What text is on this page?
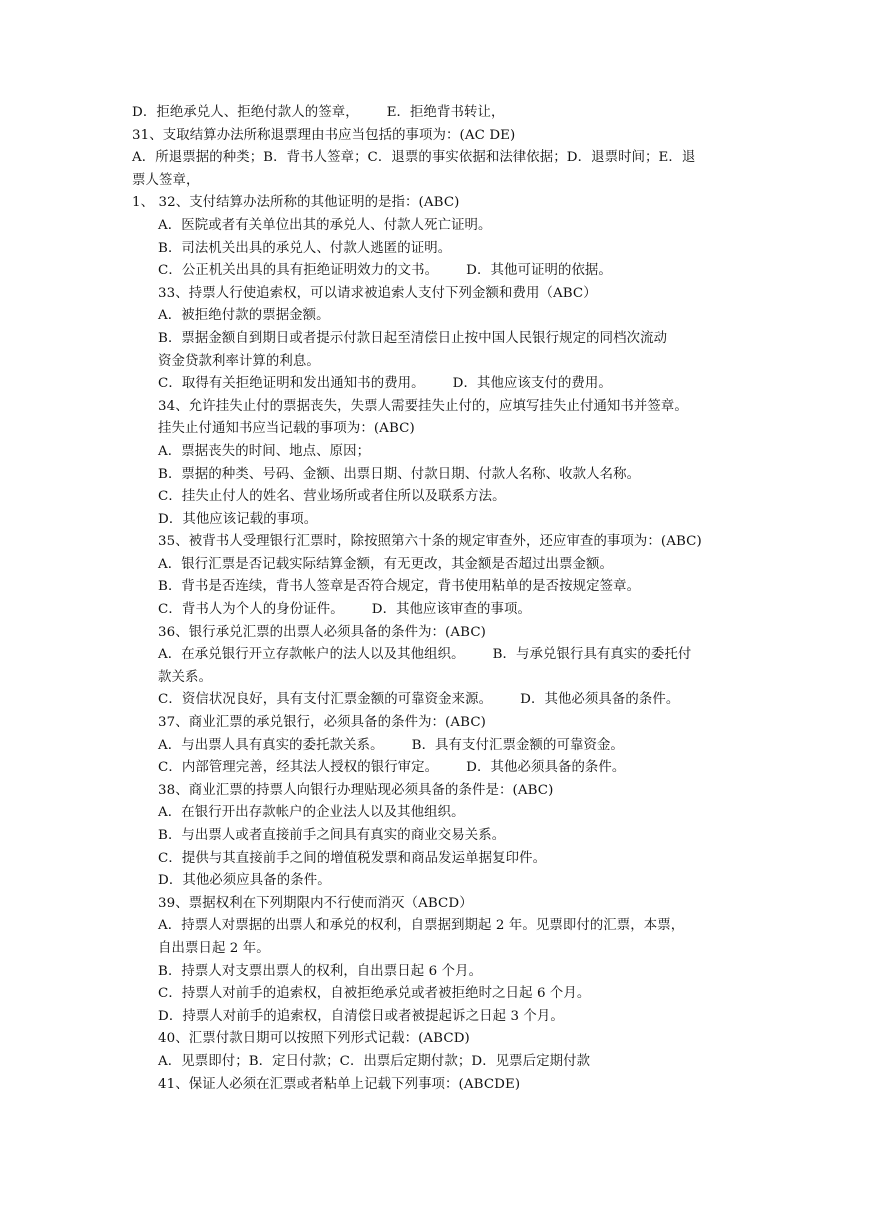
D．拒绝承兑人、拒绝付款人的签章， E．拒绝背书转让，
31、支取结算办法所称退票理由书应当包括的事项为：(AC DE)
A．所退票据的种类；B．背书人签章；C．退票的事实依据和法律依据；D．退票时间；E．退
票人签章，
1、 32、支付结算办法所称的其他证明的是指：(ABC)
A．医院或者有关单位出其的承兑人、付款人死亡证明。
B．司法机关出具的承兑人、付款人逃匿的证明。
C．公正机关出具的具有拒绝证明效力的文书。 D．其他可证明的依据。
33、持票人行使追索权，可以请求被追索人支付下列金额和费用（ABC）
A．被拒绝付款的票据金额。
B．票据金额自到期日或者提示付款日起至清偿日止按中国人民银行规定的同档次流动
资金贷款利率计算的利息。
C．取得有关拒绝证明和发出通知书的费用。 D．其他应该支付的费用。
34、允许挂失止付的票据丧失，失票人需要挂失止付的，应填写挂失止付通知书并签章。
挂失止付通知书应当记载的事项为：(ABC)
A．票据丧失的时间、地点、原因；
B．票据的种类、号码、金额、出票日期、付款日期、付款人名称、收款人名称。
C．挂失止付人的姓名、营业场所或者住所以及联系方法。
D．其他应该记载的事项。
35、被背书人受理银行汇票时，除按照第六十条的规定审查外，还应审查的事项为：(ABC)
A．银行汇票是否记载实际结算金额，有无更改，其金额是否超过出票金额。
B．背书是否连续，背书人签章是否符合规定，背书使用粘单的是否按规定签章。
C．背书人为个人的身份证件。 D．其他应该审查的事项。
36、银行承兑汇票的出票人必须具备的条件为：(ABC)
A．在承兑银行开立存款帐户的法人以及其他组织。 B．与承兑银行具有真实的委托付
款关系。
C．资信状况良好，具有支付汇票金额的可靠资金来源。 D．其他必须具备的条件。
37、商业汇票的承兑银行，必须具备的条件为：(ABC)
A．与出票人具有真实的委托款关系。 B．具有支付汇票金额的可靠资金。
C．内部管理完善，经其法人授权的银行审定。 D．其他必须具备的条件。
38、商业汇票的持票人向银行办理贴现必须具备的条件是：(ABC)
A．在银行开出存款帐户的企业法人以及其他组织。
B．与出票人或者直接前手之间具有真实的商业交易关系。
C．提供与其直接前手之间的增值税发票和商品发运单据复印件。
D．其他必须应具备的条件。
39、票据权利在下列期限内不行使而消灭（ABCD）
A．持票人对票据的出票人和承兑的权利，自票据到期起 2 年。见票即付的汇票，本票，
自出票日起 2 年。
B．持票人对支票出票人的权利，自出票日起 6 个月。
C．持票人对前手的追索权，自被拒绝承兑或者被拒绝时之日起 6 个月。
D．持票人对前手的追索权，自清偿日或者被提起诉之日起 3 个月。
40、汇票付款日期可以按照下列形式记载：(ABCD)
A．见票即付；B．定日付款；C．出票后定期付款；D．见票后定期付款
41、保证人必须在汇票或者粘单上记载下列事项：(ABCDE)
